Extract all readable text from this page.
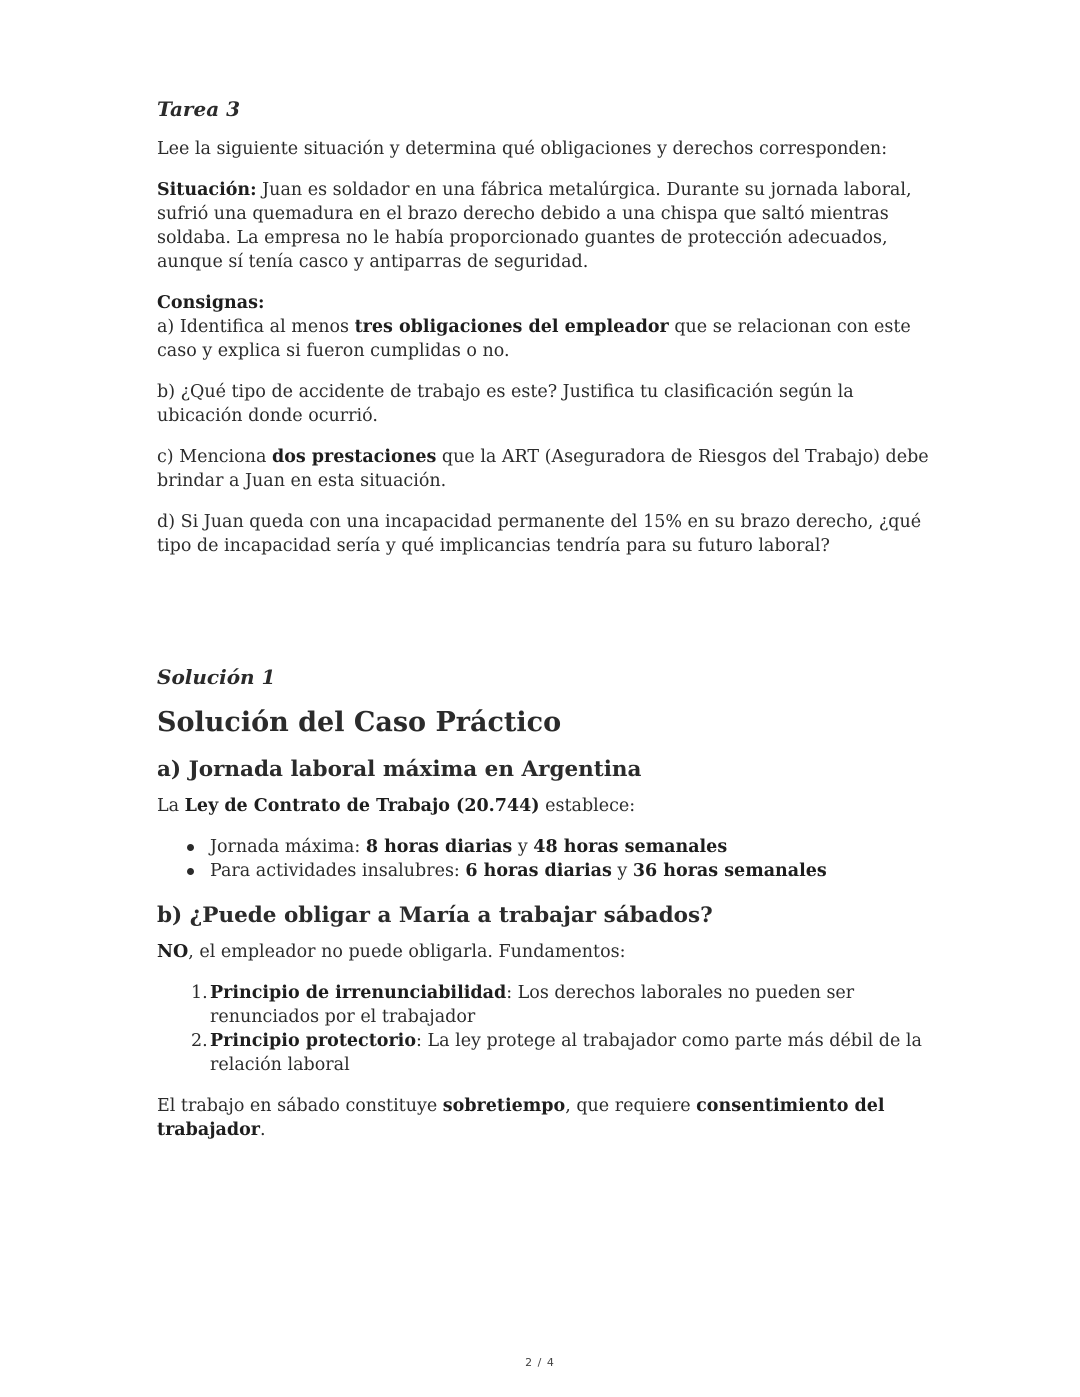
Tarea 3

Lee la siguiente situación y determina qué obligaciones y derechos corresponden:

Situación: Juan es soldador en una fábrica metalúrgica. Durante su jornada laboral, sufrió una quemadura en el brazo derecho debido a una chispa que saltó mientras soldaba. La empresa no le había proporcionado guantes de protección adecuados, aunque sí tenía casco y antiparras de seguridad.

Consignas:
a) Identifica al menos tres obligaciones del empleador que se relacionan con este caso y explica si fueron cumplidas o no.

b) ¿Qué tipo de accidente de trabajo es este? Justifica tu clasificación según la ubicación donde ocurrió.

c) Menciona dos prestaciones que la ART (Aseguradora de Riesgos del Trabajo) debe brindar a Juan en esta situación.

d) Si Juan queda con una incapacidad permanente del 15% en su brazo derecho, ¿qué tipo de incapacidad sería y qué implicancias tendría para su futuro laboral?

Solución 1
Solución del Caso Práctico
a) Jornada laboral máxima en Argentina

La Ley de Contrato de Trabajo (20.744) establece:

Jornada máxima: 8 horas diarias y 48 horas semanales
Para actividades insalubres: 6 horas diarias y 36 horas semanales
b) ¿Puede obligar a María a trabajar sábados?

NO, el empleador no puede obligarla. Fundamentos:

1. Principio de irrenunciabilidad: Los derechos laborales no pueden ser renunciados por el trabajador
2. Principio protectorio: La ley protege al trabajador como parte más débil de la relación laboral

El trabajo en sábado constituye sobretiempo, que requiere consentimiento del trabajador.

2 / 4
